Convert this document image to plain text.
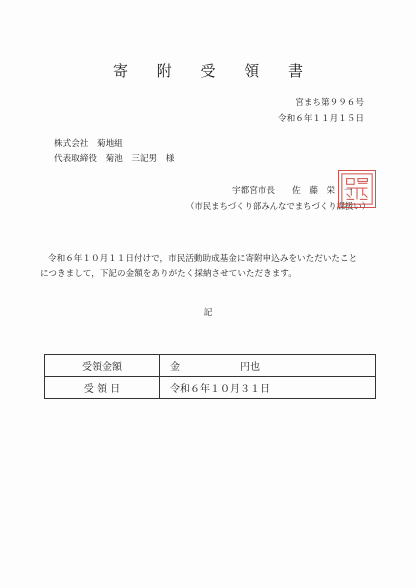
寄 附 受 領 書
宮まち第９９６号
令和６年１１月１５日
株式会社　菊地組
代表取締役　菊池　三記男　様
宇都宮市長　　佐　藤　栄　一
（市民まちづくり部みんなでまちづくり課扱い）

令和６年１０月１１日付けで，市民活動助成基金に寄附申込みをいただいたこと

につきまして，下記の金額をありがたく採納させていただきます。

記
受領金額	金　　　　　　円也
受 領 日	令和６年１０月３１日
